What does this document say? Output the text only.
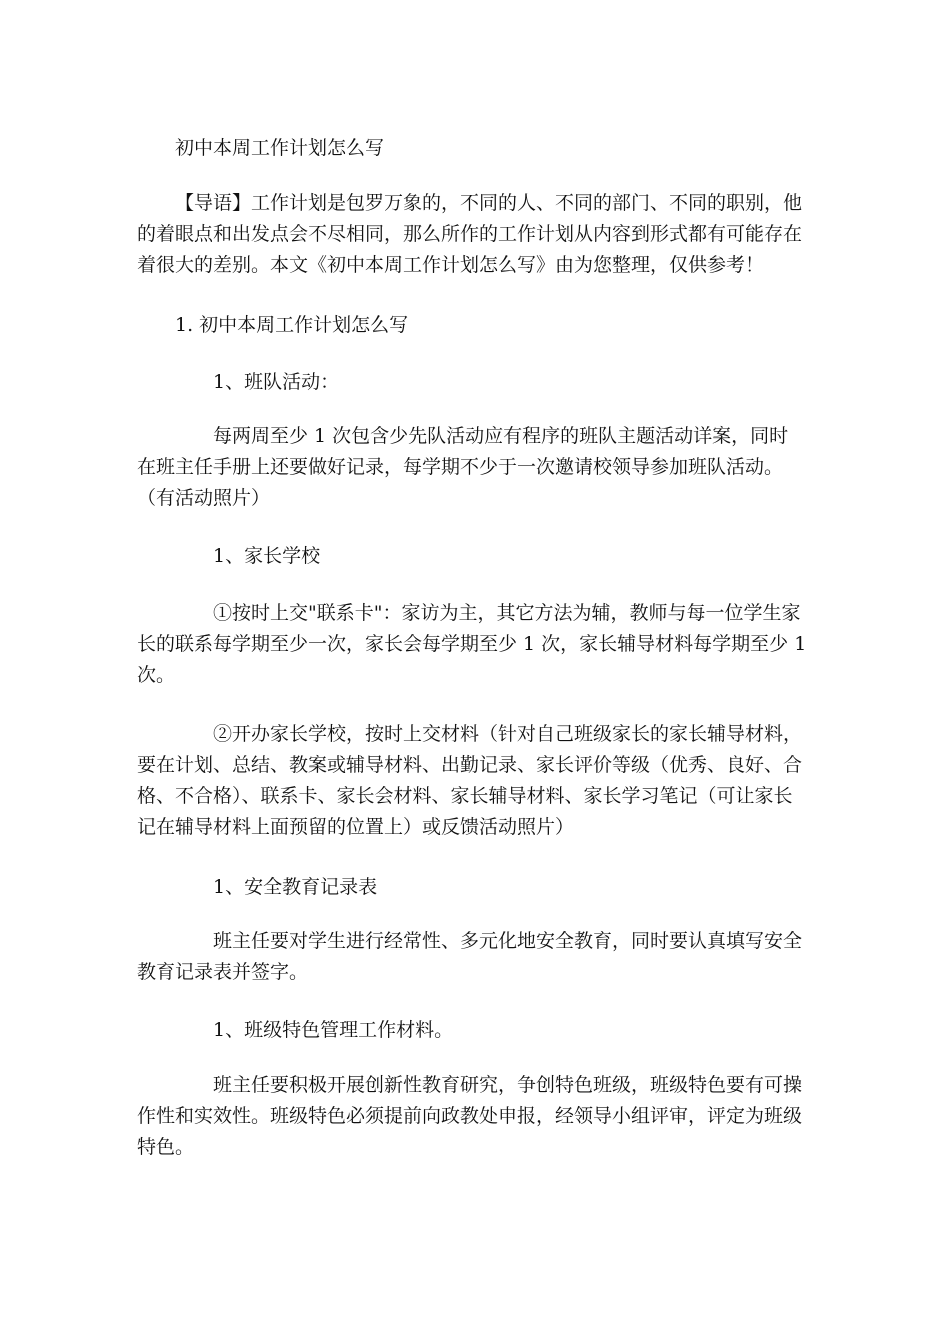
初中本周工作计划怎么写

【导语】工作计划是包罗万象的，不同的人、不同的部门、不同的职别，他的着眼点和出发点会不尽相同，那么所作的工作计划从内容到形式都有可能存在着很大的差别。本文《初中本周工作计划怎么写》由为您整理，仅供参考！

1. 初中本周工作计划怎么写

1、班队活动：

每两周至少 1 次包含少先队活动应有程序的班队主题活动详案，同时在班主任手册上还要做好记录，每学期不少于一次邀请校领导参加班队活动。（有活动照片）

1、家长学校

①按时上交"联系卡"：家访为主，其它方法为辅，教师与每一位学生家长的联系每学期至少一次，家长会每学期至少 1 次，家长辅导材料每学期至少 1 次。

②开办家长学校，按时上交材料（针对自己班级家长的家长辅导材料，要在计划、总结、教案或辅导材料、出勤记录、家长评价等级（优秀、良好、合格、不合格）、联系卡、家长会材料、家长辅导材料、家长学习笔记（可让家长记在辅导材料上面预留的位置上）或反馈活动照片）

1、安全教育记录表

班主任要对学生进行经常性、多元化地安全教育，同时要认真填写安全教育记录表并签字。

1、班级特色管理工作材料。

班主任要积极开展创新性教育研究，争创特色班级，班级特色要有可操作性和实效性。班级特色必须提前向政教处申报，经领导小组评审，评定为班级特色。
